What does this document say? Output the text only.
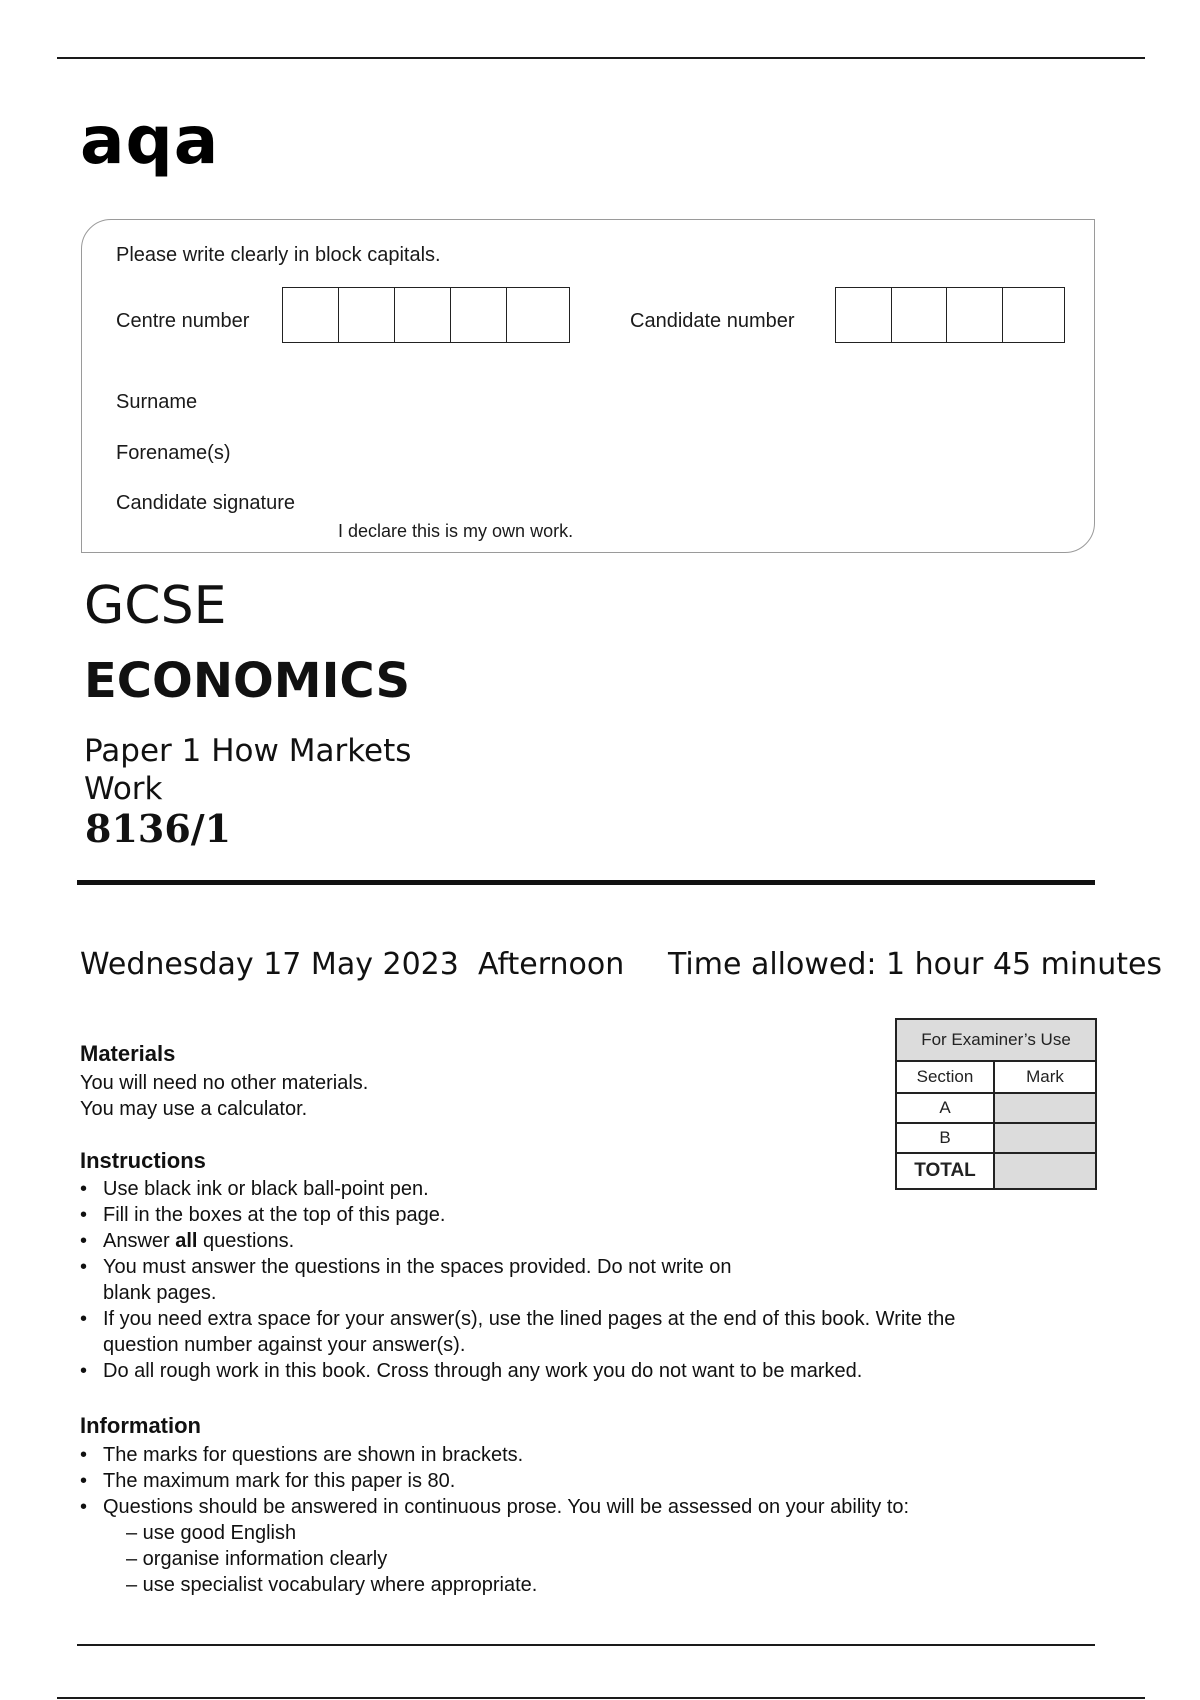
aqa
Please write clearly in block capitals.
Centre number	Candidate number
Surname
Forename(s)
Candidate signature
I declare this is my own work.
GCSE
ECONOMICS
Paper 1 How Markets Work
8136/1
Wednesday 17 May 2023 Afternoon Time allowed: 1 hour 45 minutes
For Examiner’s Use	
Section	Mark
A	
B	
TOTAL	
Materials
You will need no other materials.
You may use a calculator.
Instructions
• Use black ink or black ball-point pen.
• Fill in the boxes at the top of this page.
• Answer all questions.
• You must answer the questions in the spaces provided. Do not write on
blank pages.
• If you need extra space for your answer(s), use the lined pages at the end of this book. Write the
question number against your answer(s).
• Do all rough work in this book. Cross through any work you do not want to be marked.
Information
• The marks for questions are shown in brackets.
• The maximum mark for this paper is 80.
• Questions should be answered in continuous prose. You will be assessed on your ability to:
– use good English
– organise information clearly
– use specialist vocabulary where appropriate.
